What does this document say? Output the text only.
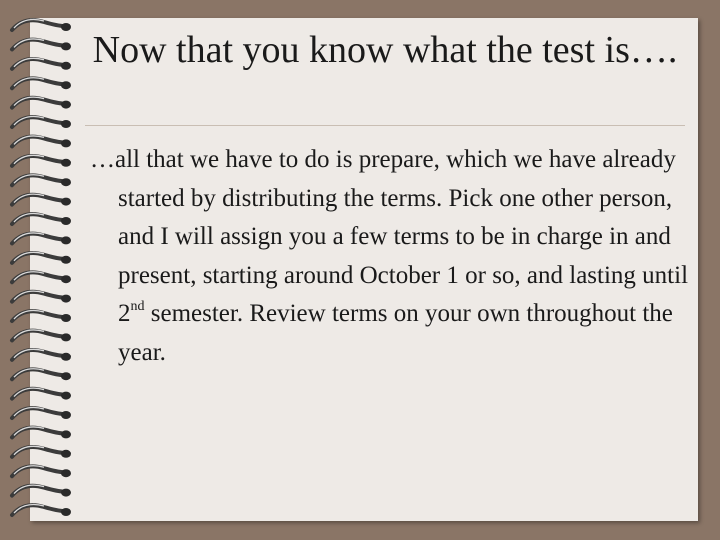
Now that you know what the test is….

…all that we have to do is prepare, which we have already started by distributing the terms. Pick one other person, and I will assign you a few terms to be in charge in and present, starting around October 1 or so, and lasting until 2nd semester. Review terms on your own throughout the year.
